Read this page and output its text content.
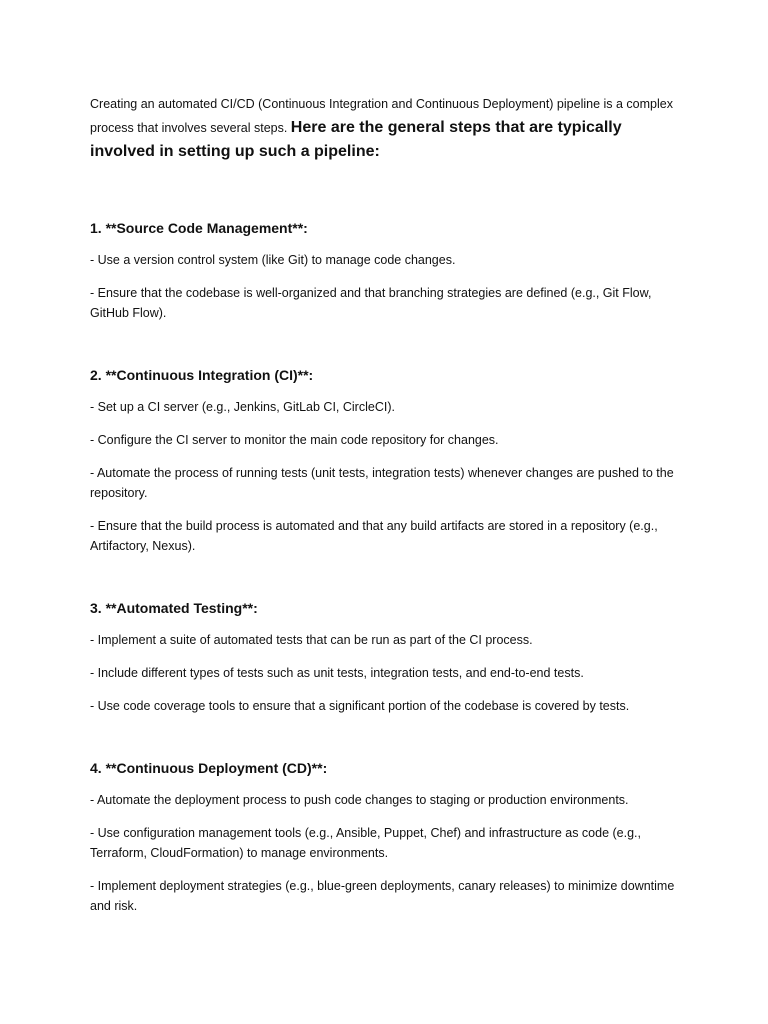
Creating an automated CI/CD (Continuous Integration and Continuous Deployment) pipeline is a complex process that involves several steps. Here are the general steps that are typically involved in setting up such a pipeline:

1. **Source Code Management**:

- Use a version control system (like Git) to manage code changes.

- Ensure that the codebase is well-organized and that branching strategies are defined (e.g., Git Flow, GitHub Flow).

2. **Continuous Integration (CI)**:

- Set up a CI server (e.g., Jenkins, GitLab CI, CircleCI).

- Configure the CI server to monitor the main code repository for changes.

- Automate the process of running tests (unit tests, integration tests) whenever changes are pushed to the repository.

- Ensure that the build process is automated and that any build artifacts are stored in a repository (e.g., Artifactory, Nexus).

3. **Automated Testing**:

- Implement a suite of automated tests that can be run as part of the CI process.

- Include different types of tests such as unit tests, integration tests, and end-to-end tests.

- Use code coverage tools to ensure that a significant portion of the codebase is covered by tests.

4. **Continuous Deployment (CD)**:

- Automate the deployment process to push code changes to staging or production environments.

- Use configuration management tools (e.g., Ansible, Puppet, Chef) and infrastructure as code (e.g., Terraform, CloudFormation) to manage environments.

- Implement deployment strategies (e.g., blue-green deployments, canary releases) to minimize downtime and risk.
